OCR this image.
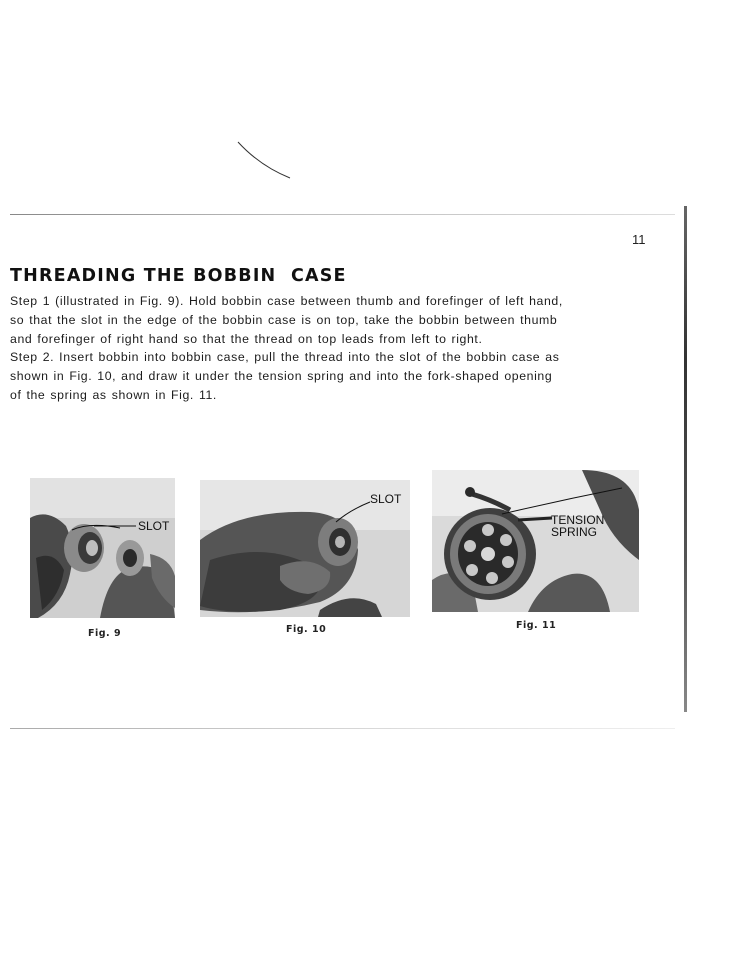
11
THREADING THE BOBBIN  CASE
Step 1 (illustrated in Fig. 9). Hold bobbin case between thumb and forefinger of left hand,
so that the slot in the edge of the bobbin case is on top, take the bobbin between thumb
and forefinger of right hand so that the thread on top leads from left to right.
Step 2. Insert bobbin into bobbin case, pull the thread into the slot of the bobbin case as
shown in Fig. 10, and draw it under the tension spring and into the fork-shaped opening
of the spring as shown in Fig. 11.
SLOT
Fig. 9
SLOT
Fig. 10
TENSION
SPRING
Fig. 11
